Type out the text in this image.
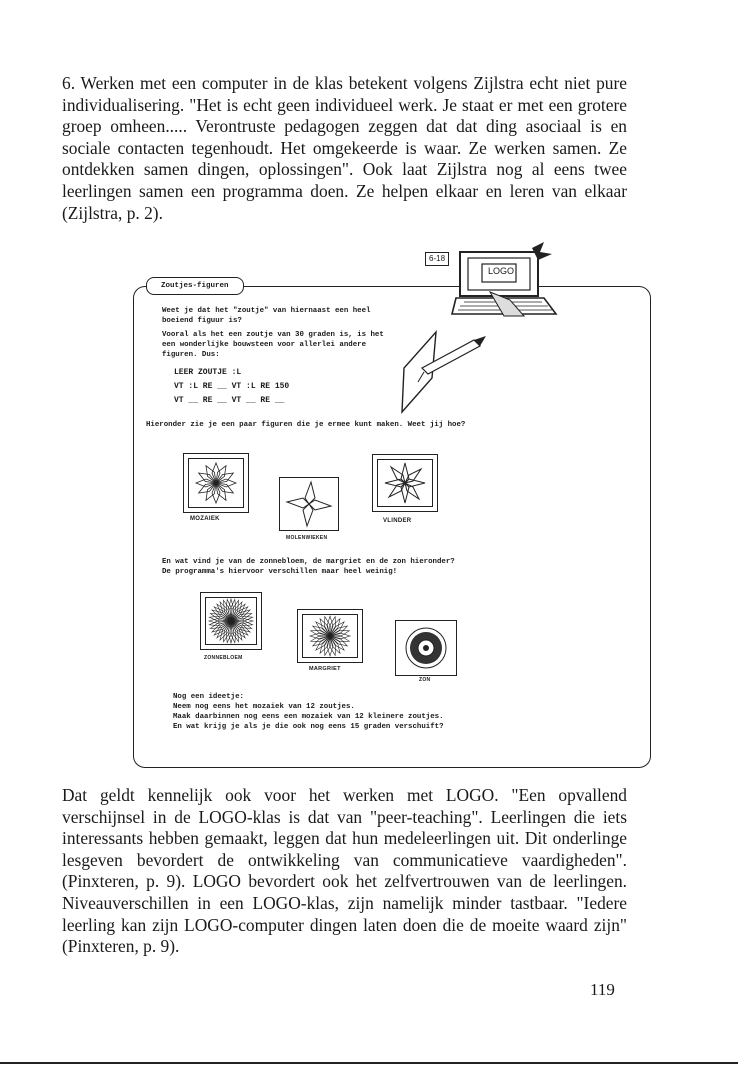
6. Werken met een computer in de klas betekent volgens Zijlstra echt niet pure individualisering. "Het is echt geen individueel werk. Je staat er met een grotere groep omheen..... Verontruste pedagogen zeggen dat dat ding asociaal is en sociale contacten tegenhoudt. Het omgekeerde is waar. Ze werken samen. Ze ontdekken samen dingen, oplossingen". Ook laat Zijlstra nog al eens twee leerlingen samen een programma doen. Ze helpen elkaar en leren van elkaar (Zijlstra, p. 2).

Zoutjes-figuren
LOGO
6-18

Weet je dat het "zoutje" van hiernaast een heel

boeiend figuur is?

Vooral als het een zoutje van 30 graden is, is het

een wonderlijke bouwsteen voor allerlei andere

figuren. Dus:

LEER ZOUTJE :L
VT :L RE __ VT :L RE 150
VT __ RE __ VT __ RE __

Hieronder zie je een paar figuren die je ermee kunt maken. Weet jij hoe?

MOZAIEK
MOLENWIEKEN
VLINDER

En wat vind je van de zonnebloem, de margriet en de zon hieronder?

De programma's hiervoor verschillen maar heel weinig!

ZONNEBLOEM
MARGRIET
ZON

Nog een ideetje:

Neem nog eens het mozaiek van 12 zoutjes.

Maak daarbinnen nog eens een mozaiek van 12 kleinere zoutjes.

En wat krijg je als je die ook nog eens 15 graden verschuift?

Dat geldt kennelijk ook voor het werken met LOGO. "Een opvallend verschijnsel in de LOGO-klas is dat van "peer-teaching". Leerlingen die iets interessants hebben gemaakt, leggen dat hun medeleerlingen uit. Dit onderlinge lesgeven bevordert de ontwikkeling van communicatieve vaardigheden". (Pinxteren, p. 9). LOGO bevordert ook het zelfvertrouwen van de leerlingen. Niveauverschillen in een LOGO-klas, zijn namelijk minder tastbaar. "Iedere leerling kan zijn LOGO-computer dingen laten doen die de moeite waard zijn" (Pinxteren, p. 9).

119
